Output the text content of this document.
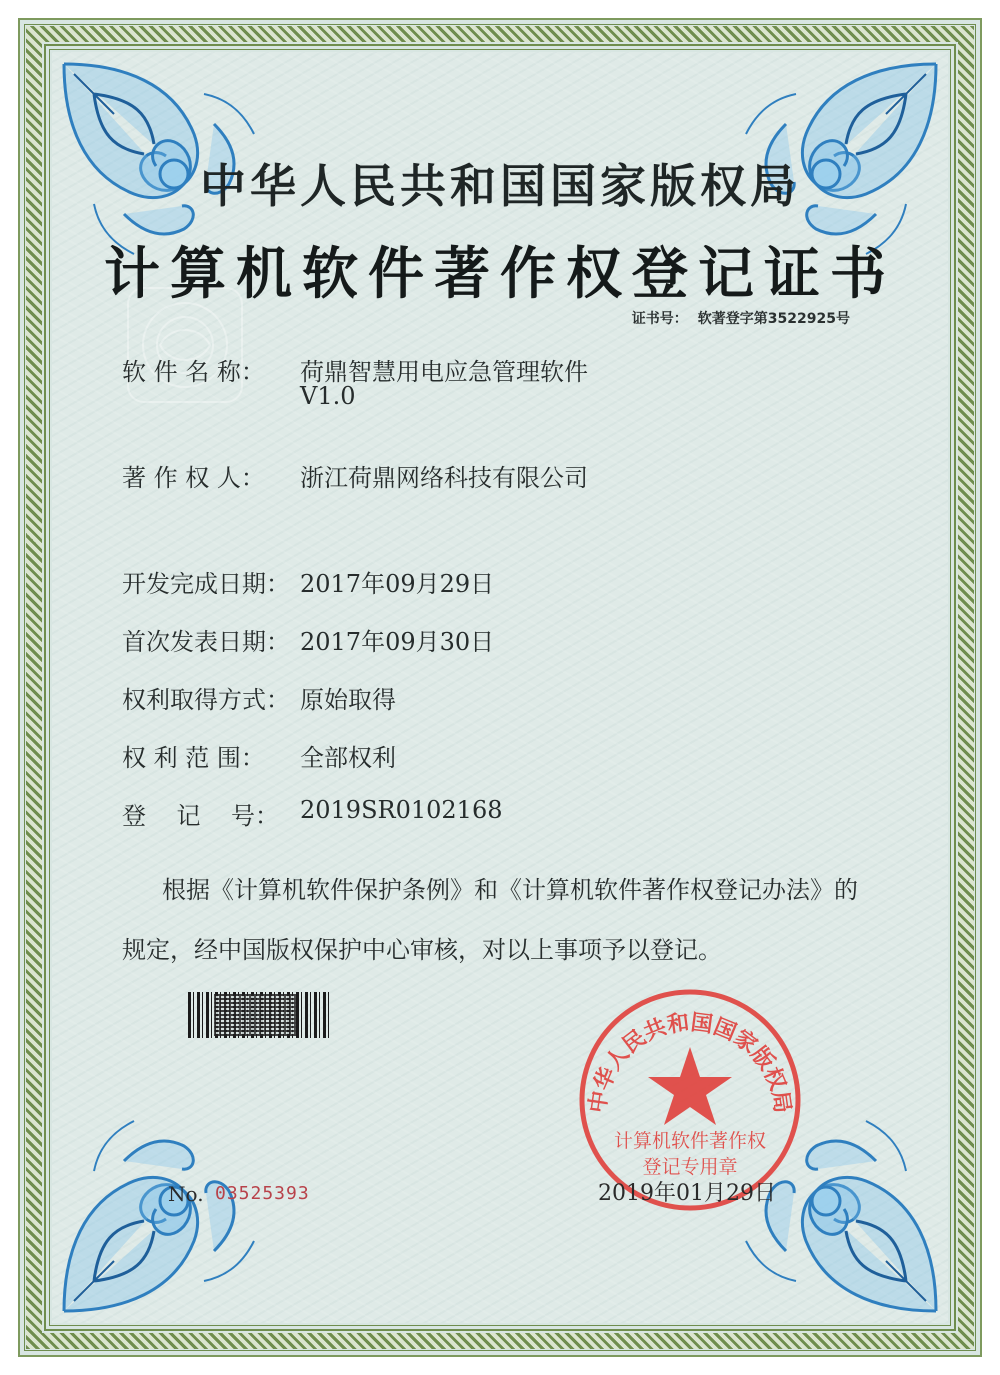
中华人民共和国国家版权局
计算机软件著作权登记证书
证书号： 软著登字第3522925号
软 件 名 称：	荷鼎智慧用电应急管理软件
V1.0
著 作 权 人：	浙江荷鼎网络科技有限公司
开发完成日期： 2017年09月29日
首次发表日期： 2017年09月30日
权利取得方式： 原始取得
权 利 范 围：	全部权利
登    记    号： 2019SR0102168
根据《计算机软件保护条例》和《计算机软件著作权登记办法》的
规定，经中国版权保护中心审核，对以上事项予以登记。
No. 03525393
中华人民共和国国家版权局
计算机软件著作权
登记专用章
2019年01月29日
